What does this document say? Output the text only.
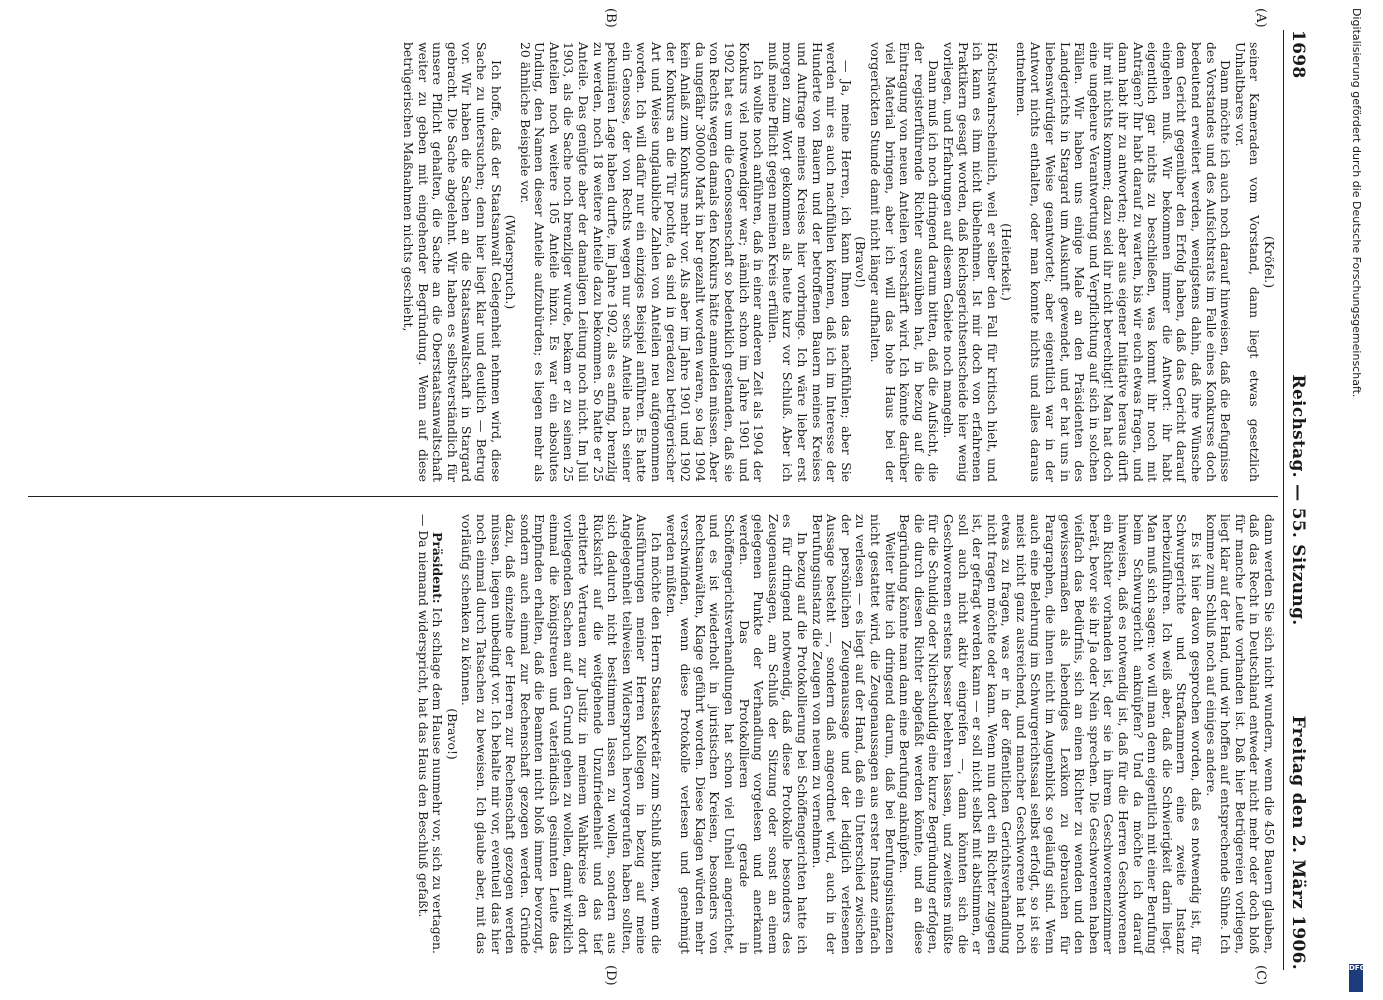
1698
Reichstag. — 55. Sitzung.
Freitag den 2. März 1906.
(A)
(B)
(C)
(D)

(Kröfel.)

seiner Kameraden vom Vorstand, dann liegt etwas gesetzlich Unhaltbares vor.

Dann möchte ich auch noch darauf hinweisen, daß die Befugnisse des Vorstandes und des Aufsichtsrats im Falle eines Konkurses doch bedeutend erweitert werden, wenigstens dahin, daß ihre Wünsche dem Gericht gegenüber den Erfolg haben, daß das Gericht darauf eingehen muß. Wir bekommen immer die Antwort: ihr habt eigentlich gar nichts zu beschließen, was kommt ihr noch mit Anträgen? Ihr habt darauf zu warten, bis wir euch etwas fragen, und dann habt ihr zu antworten; aber aus eigener Initiative heraus dürft ihr mit nichts kommen; dazu seid ihr nicht berechtigt! Man hat doch eine ungeheure Verantwortung und Verpflichtung auf sich in solchen Fällen. Wir haben uns einige Male an den Präsidenten des Landgerichts in Stargard um Auskunft gewendet, und er hat uns in liebenswürdiger Weise geantwortet; aber eigentlich war in der Antwort nichts enthalten, oder man konnte nichts und alles daraus entnehmen.

(Heiterkeit.)

Höchstwahrscheinlich, weil er selber den Fall für kritisch hielt, und ich kann es ihm nicht übelnehmen. Ist mir doch von erfahrenen Praktikern gesagt worden, daß Reichsgerichtsentscheide hier wenig vorliegen, und Erfahrungen auf diesem Gebiete noch mangeln.

Dann muß ich noch dringend darum bitten, daß die Aufsicht, die der registerführende Richter auszuüben hat, in bezug auf die Eintragung von neuen Anteilen verschärft wird. Ich könnte darüber viel Material bringen, aber ich will das hohe Haus bei der vorgerückten Stunde damit nicht länger aufhalten.

(Bravo!)

— Ja, meine Herren, ich kann Ihnen das nachfühlen; aber Sie werden mir es auch nachfühlen können, daß ich im Interesse der Hunderte von Bauern und der betroffenen Bauern meines Kreises und Auftrage meines Kreises hier vorbringe. Ich wäre lieber erst morgen zum Wort gekommen als heute kurz vor Schluß. Aber ich muß meine Pflicht gegen meinen Kreis erfüllen.

Ich wollte noch anführen, daß in einer anderen Zeit als 1904 der Konkurs viel notwendiger war; nämlich schon im Jahre 1901 und 1902 hat es um die Genossenschaft so bedenklich gestanden, daß sie von Rechts wegen damals den Konkurs hätte anmelden müssen. Aber da ungefähr 300000 Mark in bar gezahlt worden waren, so lag 1904 kein Anlaß zum Konkurs mehr vor. Als aber im Jahre 1901 und 1902 der Konkurs an die Tür pochte, da sind in geradezu betrügerischer Art und Weise unglaubliche Zahlen von Anteilen neu aufgenommen worden. Ich will dafür nur ein einziges Beispiel anführen. Es hatte ein Genosse, der von Rechts wegen nur sechs Anteile nach seiner pekuniären Lage haben durfte, im Jahre 1902, als es anfing, brenzlig zu werden, noch 18 weitere Anteile dazu bekommen. So hatte er 25 Anteile. Das genügte aber der damaligen Leitung noch nicht. Im Juli 1903, als die Sache noch brenzliger wurde, bekam er zu seinen 25 Anteilen noch weitere 105 Anteile hinzu. Es war ein absolutes Unding, den Namen dieser Anteile aufzubürden; es liegen mehr als 20 ähnliche Beispiele vor.

(Widerspruch.)

Ich hoffe, daß der Staatsanwalt Gelegenheit nehmen wird, diese Sache zu untersuchen; denn hier liegt klar und deutlich — Betrug vor. Wir haben die Sachen an die Staatsanwaltschaft in Stargard gebracht. Die Sache abgelehnt. Wir haben es selbstverständlich für unsere Pflicht gehalten, die Sache an die Oberstaatsanwaltschaft weiter zu geben mit eingehender Begründung. Wenn auf diese betrügerischen Maßnahmen nichts geschieht,

dann werden Sie sich nicht wundern, wenn die 450 Bauern glauben, daß das Recht in Deutschland entweder nicht mehr oder doch bloß für manche Leute vorhanden ist. Daß hier Betrügereien vorliegen, liegt klar auf der Hand, und wir hoffen auf entsprechende Sühne. Ich komme zum Schluß noch auf einiges andere.

Es ist hier davon gesprochen worden, daß es notwendig ist, für Schwurgerichte und Strafkammern eine zweite Instanz herbeizuführen. Ich weiß aber, daß die Schwierigkeit darin liegt. Man muß sich sagen: wo will man denn eigentlich mit einer Berufung beim Schwurgericht anknüpfen? Und da möchte ich darauf hinweisen, daß es notwendig ist, daß für die Herren Geschworenen ein Richter vorhanden ist, der sie in ihrem Geschworenenzimmer berät, bevor sie ihr Ja oder Nein sprechen. Die Geschworenen haben vielfach das Bedürfnis, sich an einen Richter zu wenden und den gewissermaßen als lebendiges Lexikon zu gebrauchen für Paragraphen, die ihnen nicht im Augenblick so geläufig sind. Wenn auch eine Belehrung im Schwurgerichtssaal selbst erfolgt, so ist sie meist nicht ganz ausreichend, und mancher Geschworene hat noch etwas zu fragen, was er in der öffentlichen Gerichtsverhandlung nicht fragen möchte oder kann. Wenn nun dort ein Richter zugegen ist, der gefragt werden kann — er soll nicht selbst mit abstimmen, er soll auch nicht aktiv eingreifen —, dann könnten sich die Geschworenen erstens besser belehren lassen, und zweitens müßte für die Schuldig oder Nichtschuldig eine kurze Begründung erfolgen, die durch diesen Richter abgefaßt werden könnte, und an diese Begründung könnte man dann eine Berufung anknüpfen.

Weiter bitte ich dringend darum, daß bei Berufungsinstanzen nicht gestattet wird, die Zeugenaussagen aus erster Instanz einfach zu verlesen — es liegt auf der Hand, daß ein Unterschied zwischen der persönlichen Zeugenaussage und der lediglich verlesenen Aussage besteht —, sondern daß angeordnet wird, auch in der Berufungsinstanz die Zeugen von neuem zu vernehmen.

In bezug auf die Protokollierung bei Schöffengerichten hatte ich es für dringend notwendig, daß diese Protokolle besonders des Zeugenaussagen, am Schluß der Sitzung oder sonst an einem gelegenen Punkte der Verhandlung vorgelesen und anerkannt werden. Das Protokollieren gerade in Schöffengerichtsverhandlungen hat schon viel Unheil angerichtet, und es ist wiederholt in juristischen Kreisen, besonders von Rechtsanwälten, Klage geführt worden. Diese Klagen würden mehr verschwinden, wenn diese Protokolle verlesen und genehmigt werden müßten.

Ich möchte den Herrn Staatssekretär zum Schluß bitten, wenn die Ausführungen meiner Herren Kollegen in bezug auf meine Angelegenheit teilweisen Widerspruch hervorgerufen haben sollten, sich dadurch nicht bestimmen lassen zu wollen, sondern aus Rücksicht auf die weitgehende Unzufriedenheit und das tief erbitterte Vertrauen zur Justiz in meinem Wahlkreise den dort vorliegenden Sachen auf den Grund gehen zu wollen, damit wirklich einmal die königstreuen und vaterländisch gesinnten Leute das Empfinden erhalten, daß die Beamten nicht bloß immer bevorzugt, sondern auch einmal zur Rechenschaft gezogen werden. Gründe dazu, daß einzelne der Herren zur Rechenschaft gezogen werden müssen, liegen unbedingt vor. Ich behalte mir vor, eventuell das hier noch einmal durch Tatsachen zu beweisen. Ich glaube aber, mit das vorläufig schenken zu können.

(Bravo!)

Präsident: Ich schlage dem Hause nunmehr vor, sich zu vertagen. — Da niemand widerspricht, hat das Haus den Beschluß gefaßt.

Digitalisierung gefördert durch die Deutsche Forschungsgemeinschaft.
DFG
